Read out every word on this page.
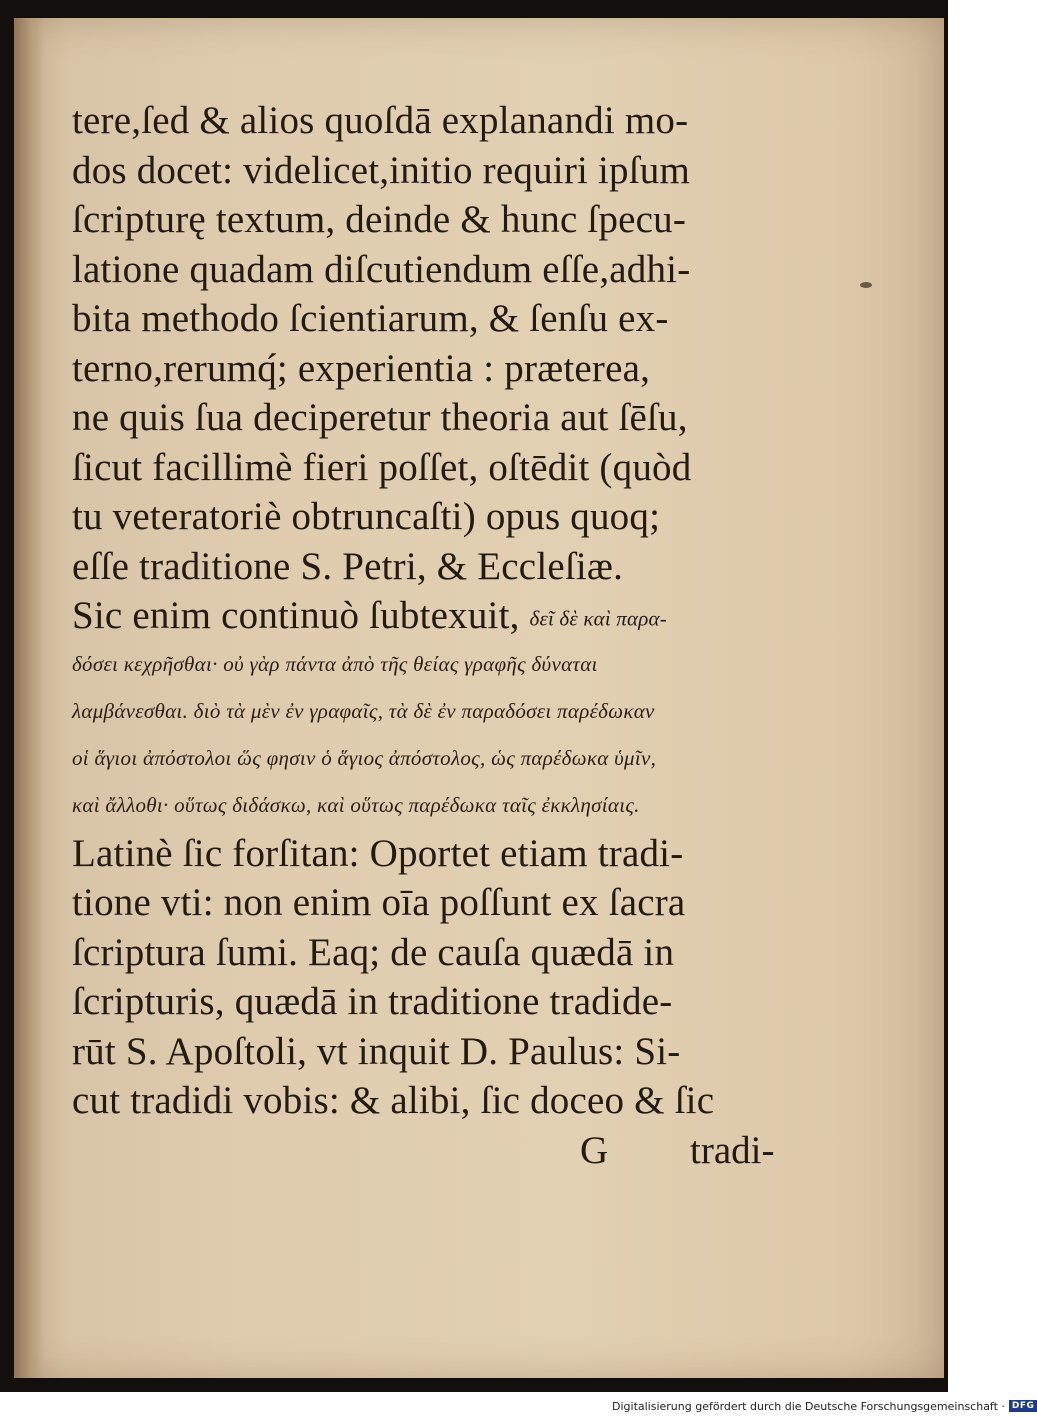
tere,ſed & alios quoſdā explanandi mo-
dos docet: videlicet,initio requiri ipſum
ſcripturę textum, deinde & hunc ſpecu-
latione quadam diſcutiendum eſſe,adhi-
bita methodo ſcientiarum, & ſenſu ex-
terno,rerumq́; experientia : præterea,
ne quis ſua deciperetur theoria aut ſēſu,
ſicut facillimè fieri poſſet, oſtēdit (quòd
tu veteratoriè obtruncaſti) opus quoq;
eſſe traditione S. Petri, & Eccleſiæ.
Sic enim continuò ſubtexuit, δεῖ δὲ καὶ παρα-
δόσει κεχρῆσθαι· οὐ γὰρ πάντα ἀπὸ τῆς θείας γραφῆς δύναται
λαμβάνεσθαι. διὸ τὰ μὲν ἐν γραφαῖς, τὰ δὲ ἐν παραδόσει παρέδωκαν
οἱ ἅγιοι ἀπόστολοι ὥς φησιν ὁ ἅγιος ἀπόστολος, ὡς παρέδωκα ὑμῖν,
καὶ ἄλλοθι· οὕτως διδάσκω, καὶ οὕτως παρέδωκα ταῖς ἐκκλησίαις.
Latinè ſic forſitan: Oportet etiam tradi-
tione vti: non enim oīa poſſunt ex ſacra
ſcriptura ſumi. Eaq; de cauſa quædā in
ſcripturis, quædā in traditione tradide-
rūt S. Apoſtoli, vt inquit D. Paulus: Si-
cut tradidi vobis: & alibi, ſic doceo & ſic
G tradi-
Digitalisierung gefördert durch die Deutsche Forschungsgemeinschaft · DFG
